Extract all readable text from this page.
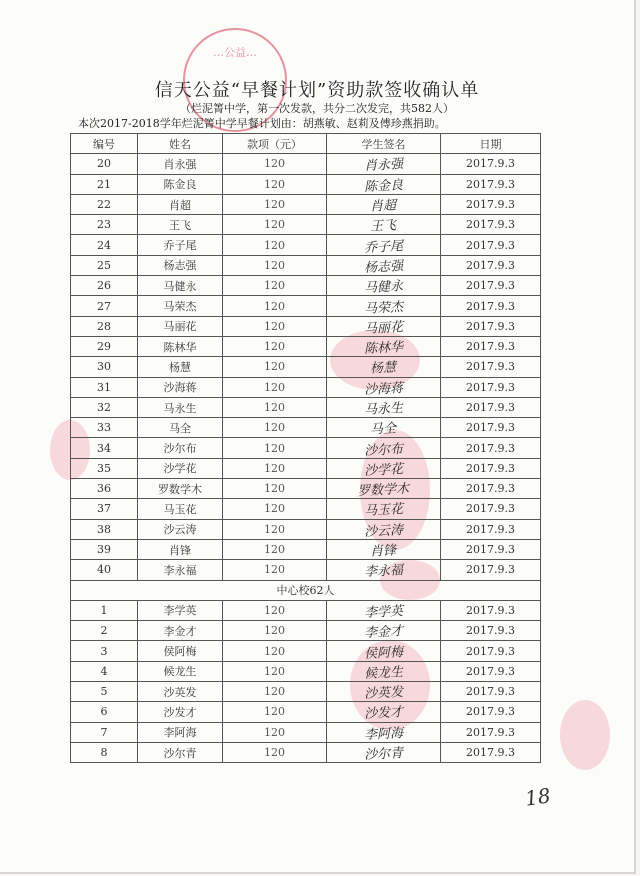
…公益…
信天公益“早餐计划”资助款签收确认单
（烂泥箐中学，第一次发款，共分二次发完，共582人）
本次2017-2018学年烂泥箐中学早餐计划由：胡燕敏、赵莉及傅珍燕捐助。
编号	姓名	款项（元）	学生签名	日期
20	肖永强	120	肖永强	2017.9.3
21	陈金良	120	陈金良	2017.9.3
22	肖超	120	肖超	2017.9.3
23	王飞	120	王飞	2017.9.3
24	乔子尾	120	乔子尾	2017.9.3
25	杨志强	120	杨志强	2017.9.3
26	马健永	120	马健永	2017.9.3
27	马荣杰	120	马荣杰	2017.9.3
28	马丽花	120	马丽花	2017.9.3
29	陈林华	120	陈林华	2017.9.3
30	杨慧	120	杨慧	2017.9.3
31	沙海蒋	120	沙海蒋	2017.9.3
32	马永生	120	马永生	2017.9.3
33	马全	120	马全	2017.9.3
34	沙尔布	120	沙尔布	2017.9.3
35	沙学花	120	沙学花	2017.9.3
36	罗数学木	120	罗数学木	2017.9.3
37	马玉花	120	马玉花	2017.9.3
38	沙云涛	120	沙云涛	2017.9.3
39	肖锋	120	肖锋	2017.9.3
40	李永福	120	李永福	2017.9.3
中心校62人				
1	李学英	120	李学英	2017.9.3
2	李金才	120	李金才	2017.9.3
3	侯阿梅	120	侯阿梅	2017.9.3
4	候龙生	120	候龙生	2017.9.3
5	沙英发	120	沙英发	2017.9.3
6	沙发才	120	沙发才	2017.9.3
7	李阿海	120	李阿海	2017.9.3
8	沙尔青	120	沙尔青	2017.9.3
18
